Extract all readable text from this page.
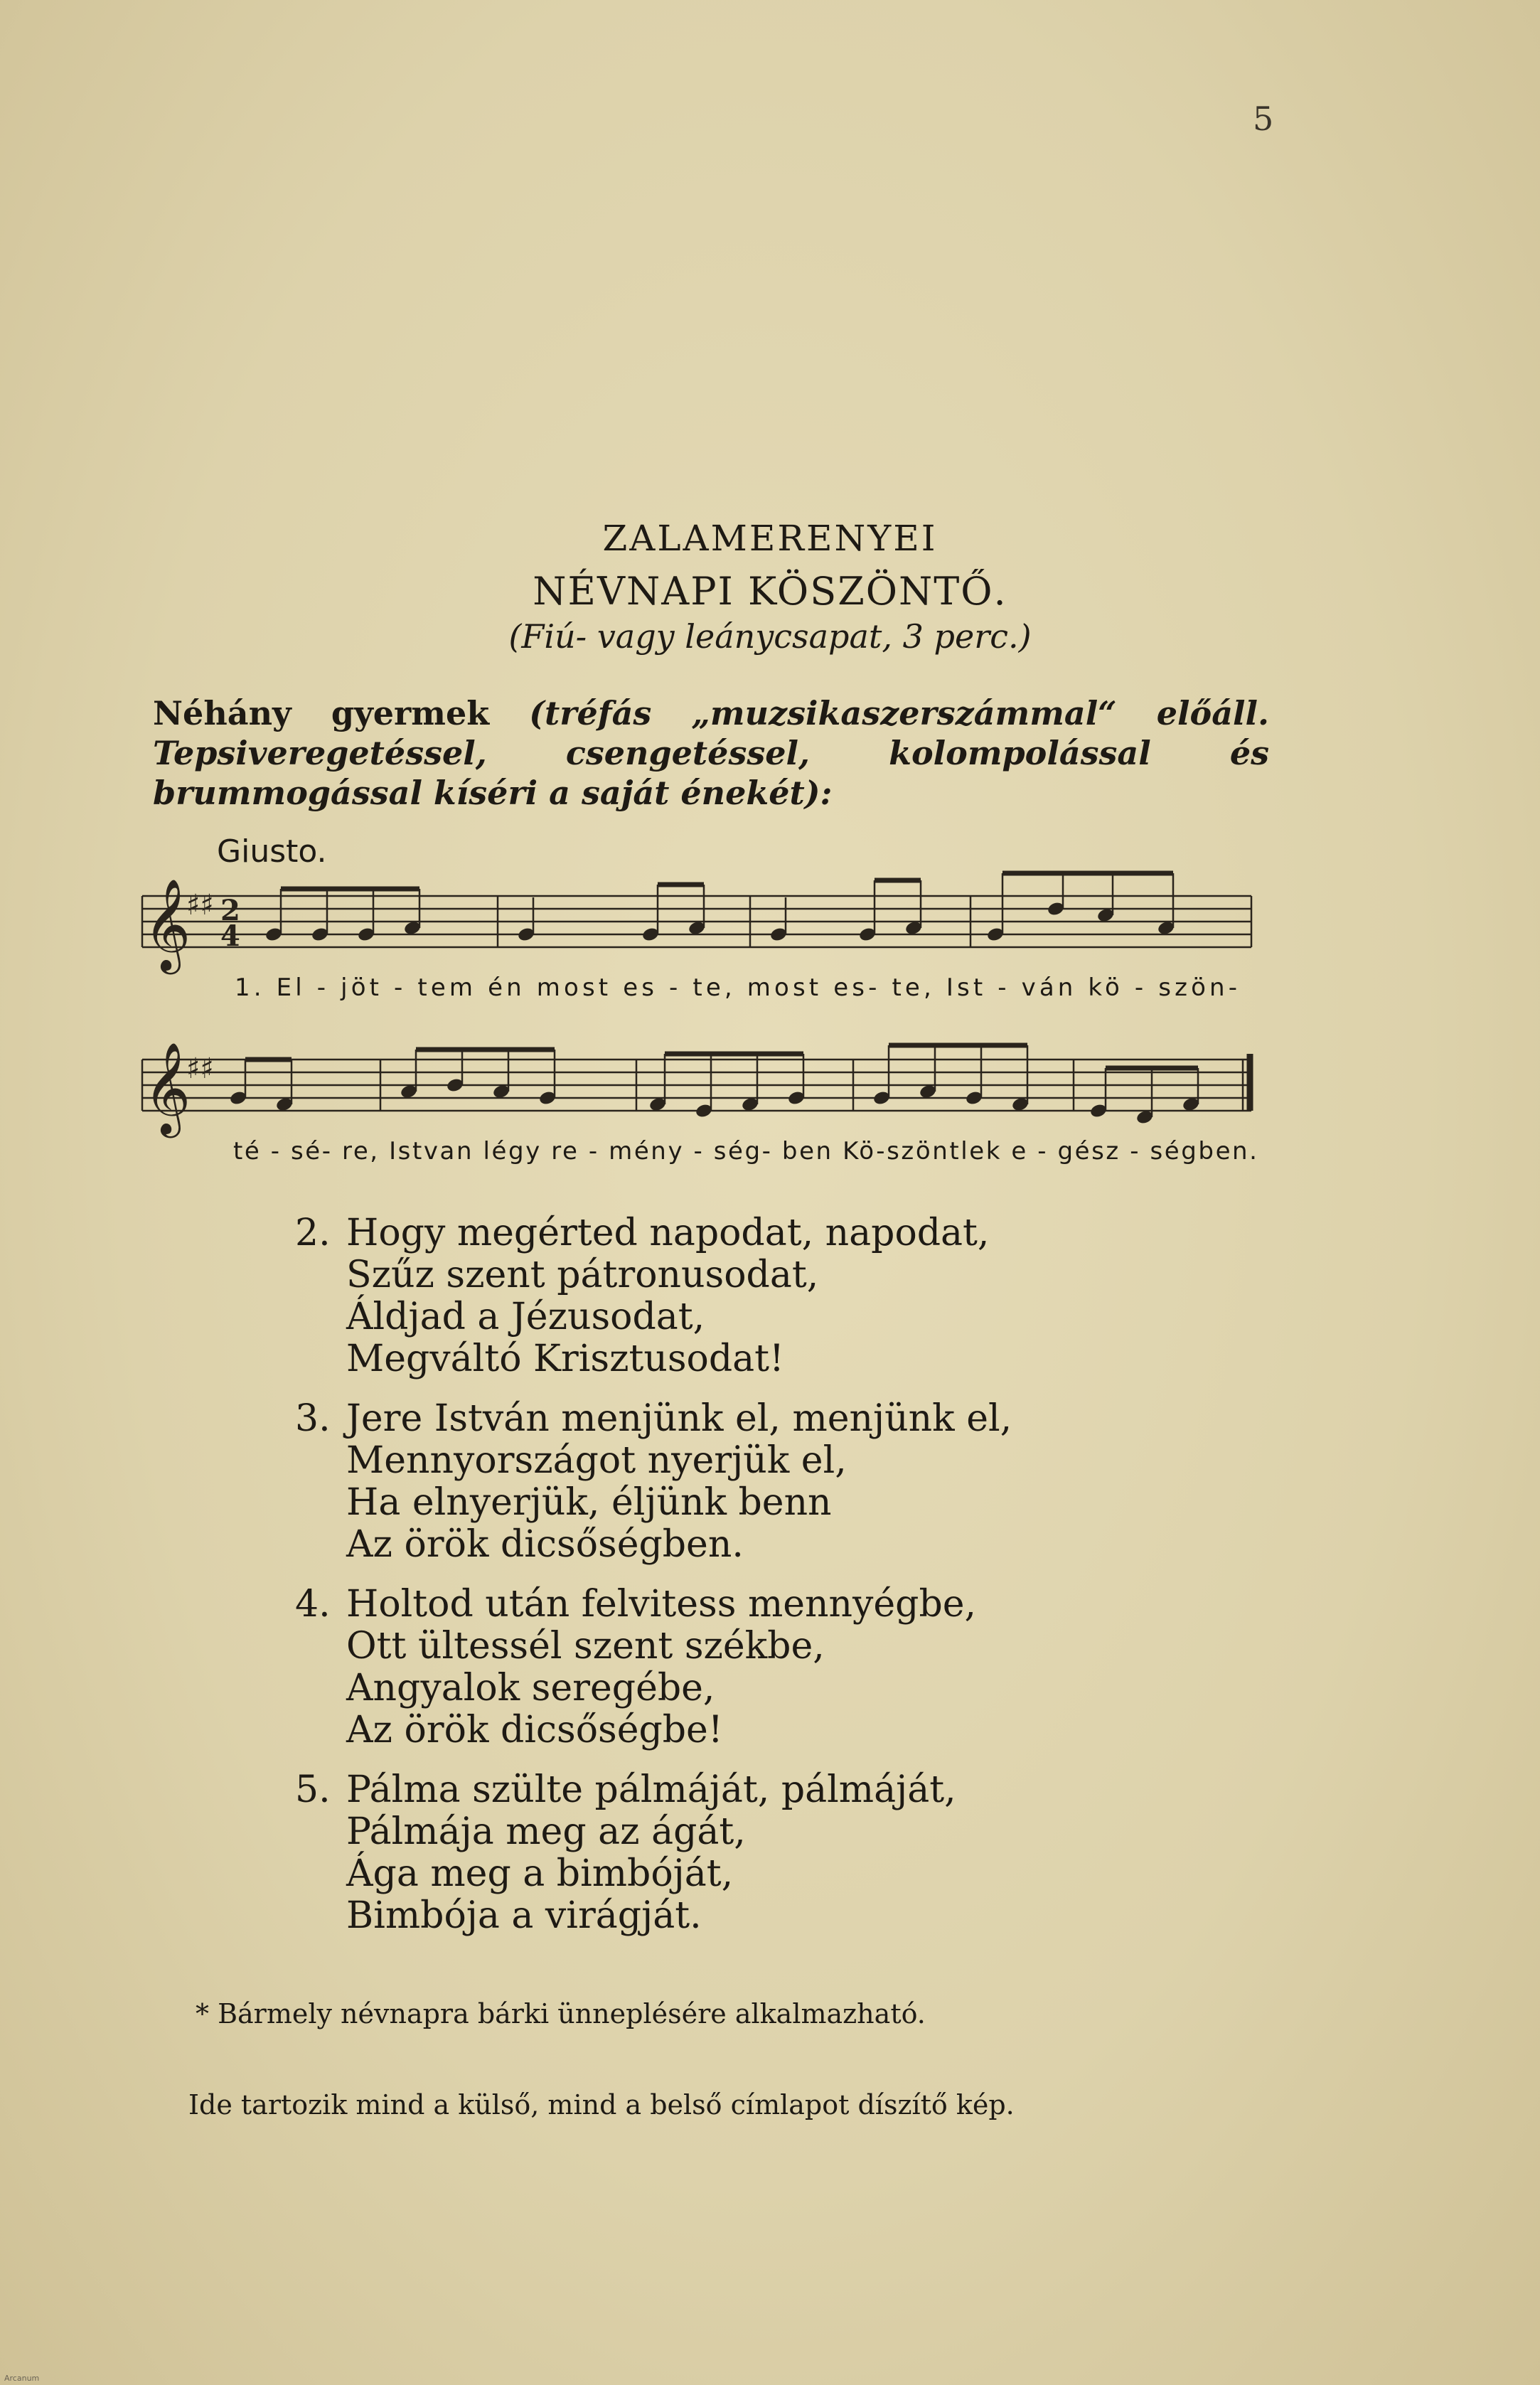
5
ZALAMERENYEI
NÉVNAPI KÖSZÖNTŐ.
(Fiú- vagy leánycsapat, 3 perc.)
Néhány gyermek (tréfás „muzsikaszerszámmal“ előáll. Tepsiveregetéssel, csengetéssel, kolompolással és brummogással kíséri a saját énekét):
Giusto.
𝄞
𝄞
♯♯
♯♯
2
4
1. El - jöt - tem én most es - te, most es- te, Ist - ván kö - szön-
té - sé- re, Istvan légy re - mény - ség- ben Kö-szöntlek e - gész - ségben.
2. Hogy megérted napodat, napodat,
Szűz szent pátronusodat,
Áldjad a Jézusodat,
Megváltó Krisztusodat!
3. Jere István menjünk el, menjünk el,
Mennyországot nyerjük el,
Ha elnyerjük, éljünk benn
Az örök dicsőségben.
4. Holtod után felvitess mennyégbe,
Ott ültessél szent székbe,
Angyalok seregébe,
Az örök dicsőségbe!
5. Pálma szülte pálmáját, pálmáját,
Pálmája meg az ágát,
Ága meg a bimbóját,
Bimbója a virágját.
* Bármely névnapra bárki ünneplésére alkalmazható.
Ide tartozik mind a külső, mind a belső címlapot díszítő kép.
Arcanum
